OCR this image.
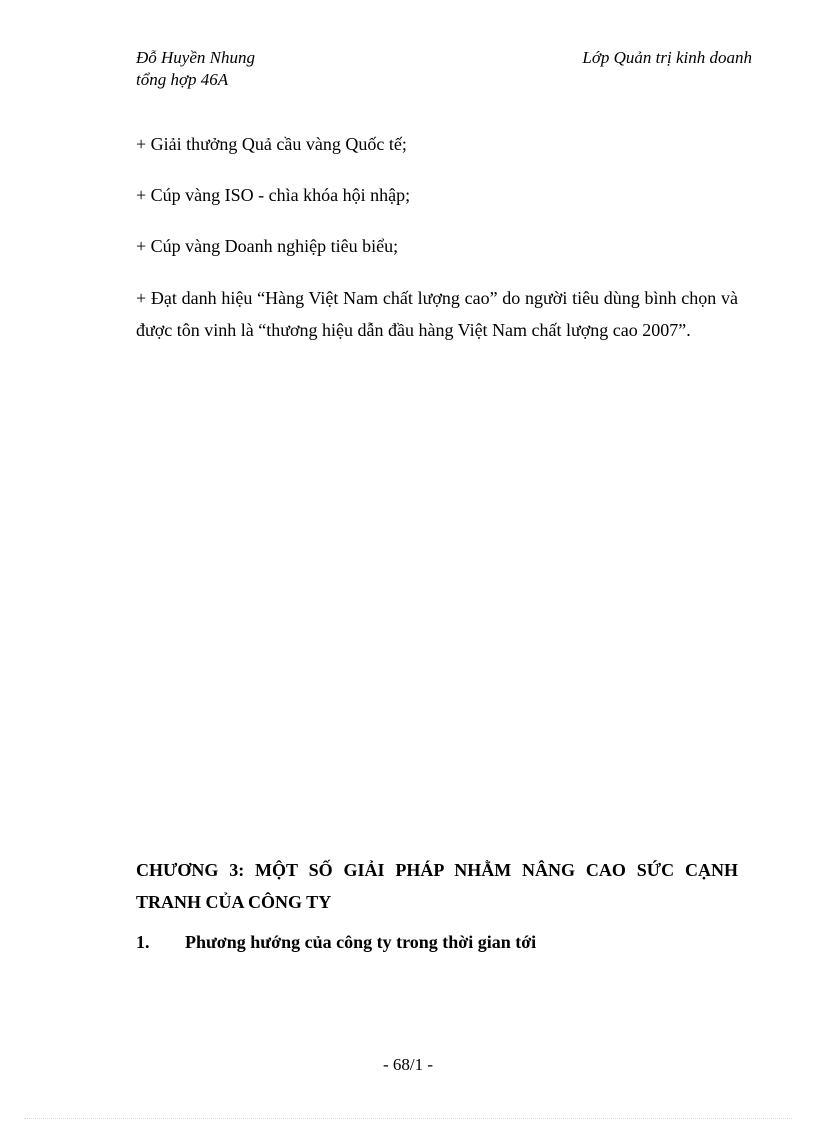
Đỗ Huyền Nhung
tổng hợp 46A
Lớp Quản trị kinh doanh
+ Giải thưởng Quả cầu vàng Quốc tế;
+ Cúp vàng ISO - chìa khóa hội nhập;
+ Cúp vàng Doanh nghiệp tiêu biểu;
+ Đạt danh hiệu “Hàng Việt Nam chất lượng cao” do người tiêu dùng bình chọn và được tôn vinh là “thương hiệu dẫn đầu hàng Việt Nam chất lượng cao 2007”.
CHƯƠNG 3: MỘT SỐ GIẢI PHÁP NHẰM NÂNG CAO SỨC CẠNH TRANH CỦA CÔNG TY
1. Phương hướng của công ty trong thời gian tới
- 68/1 -
